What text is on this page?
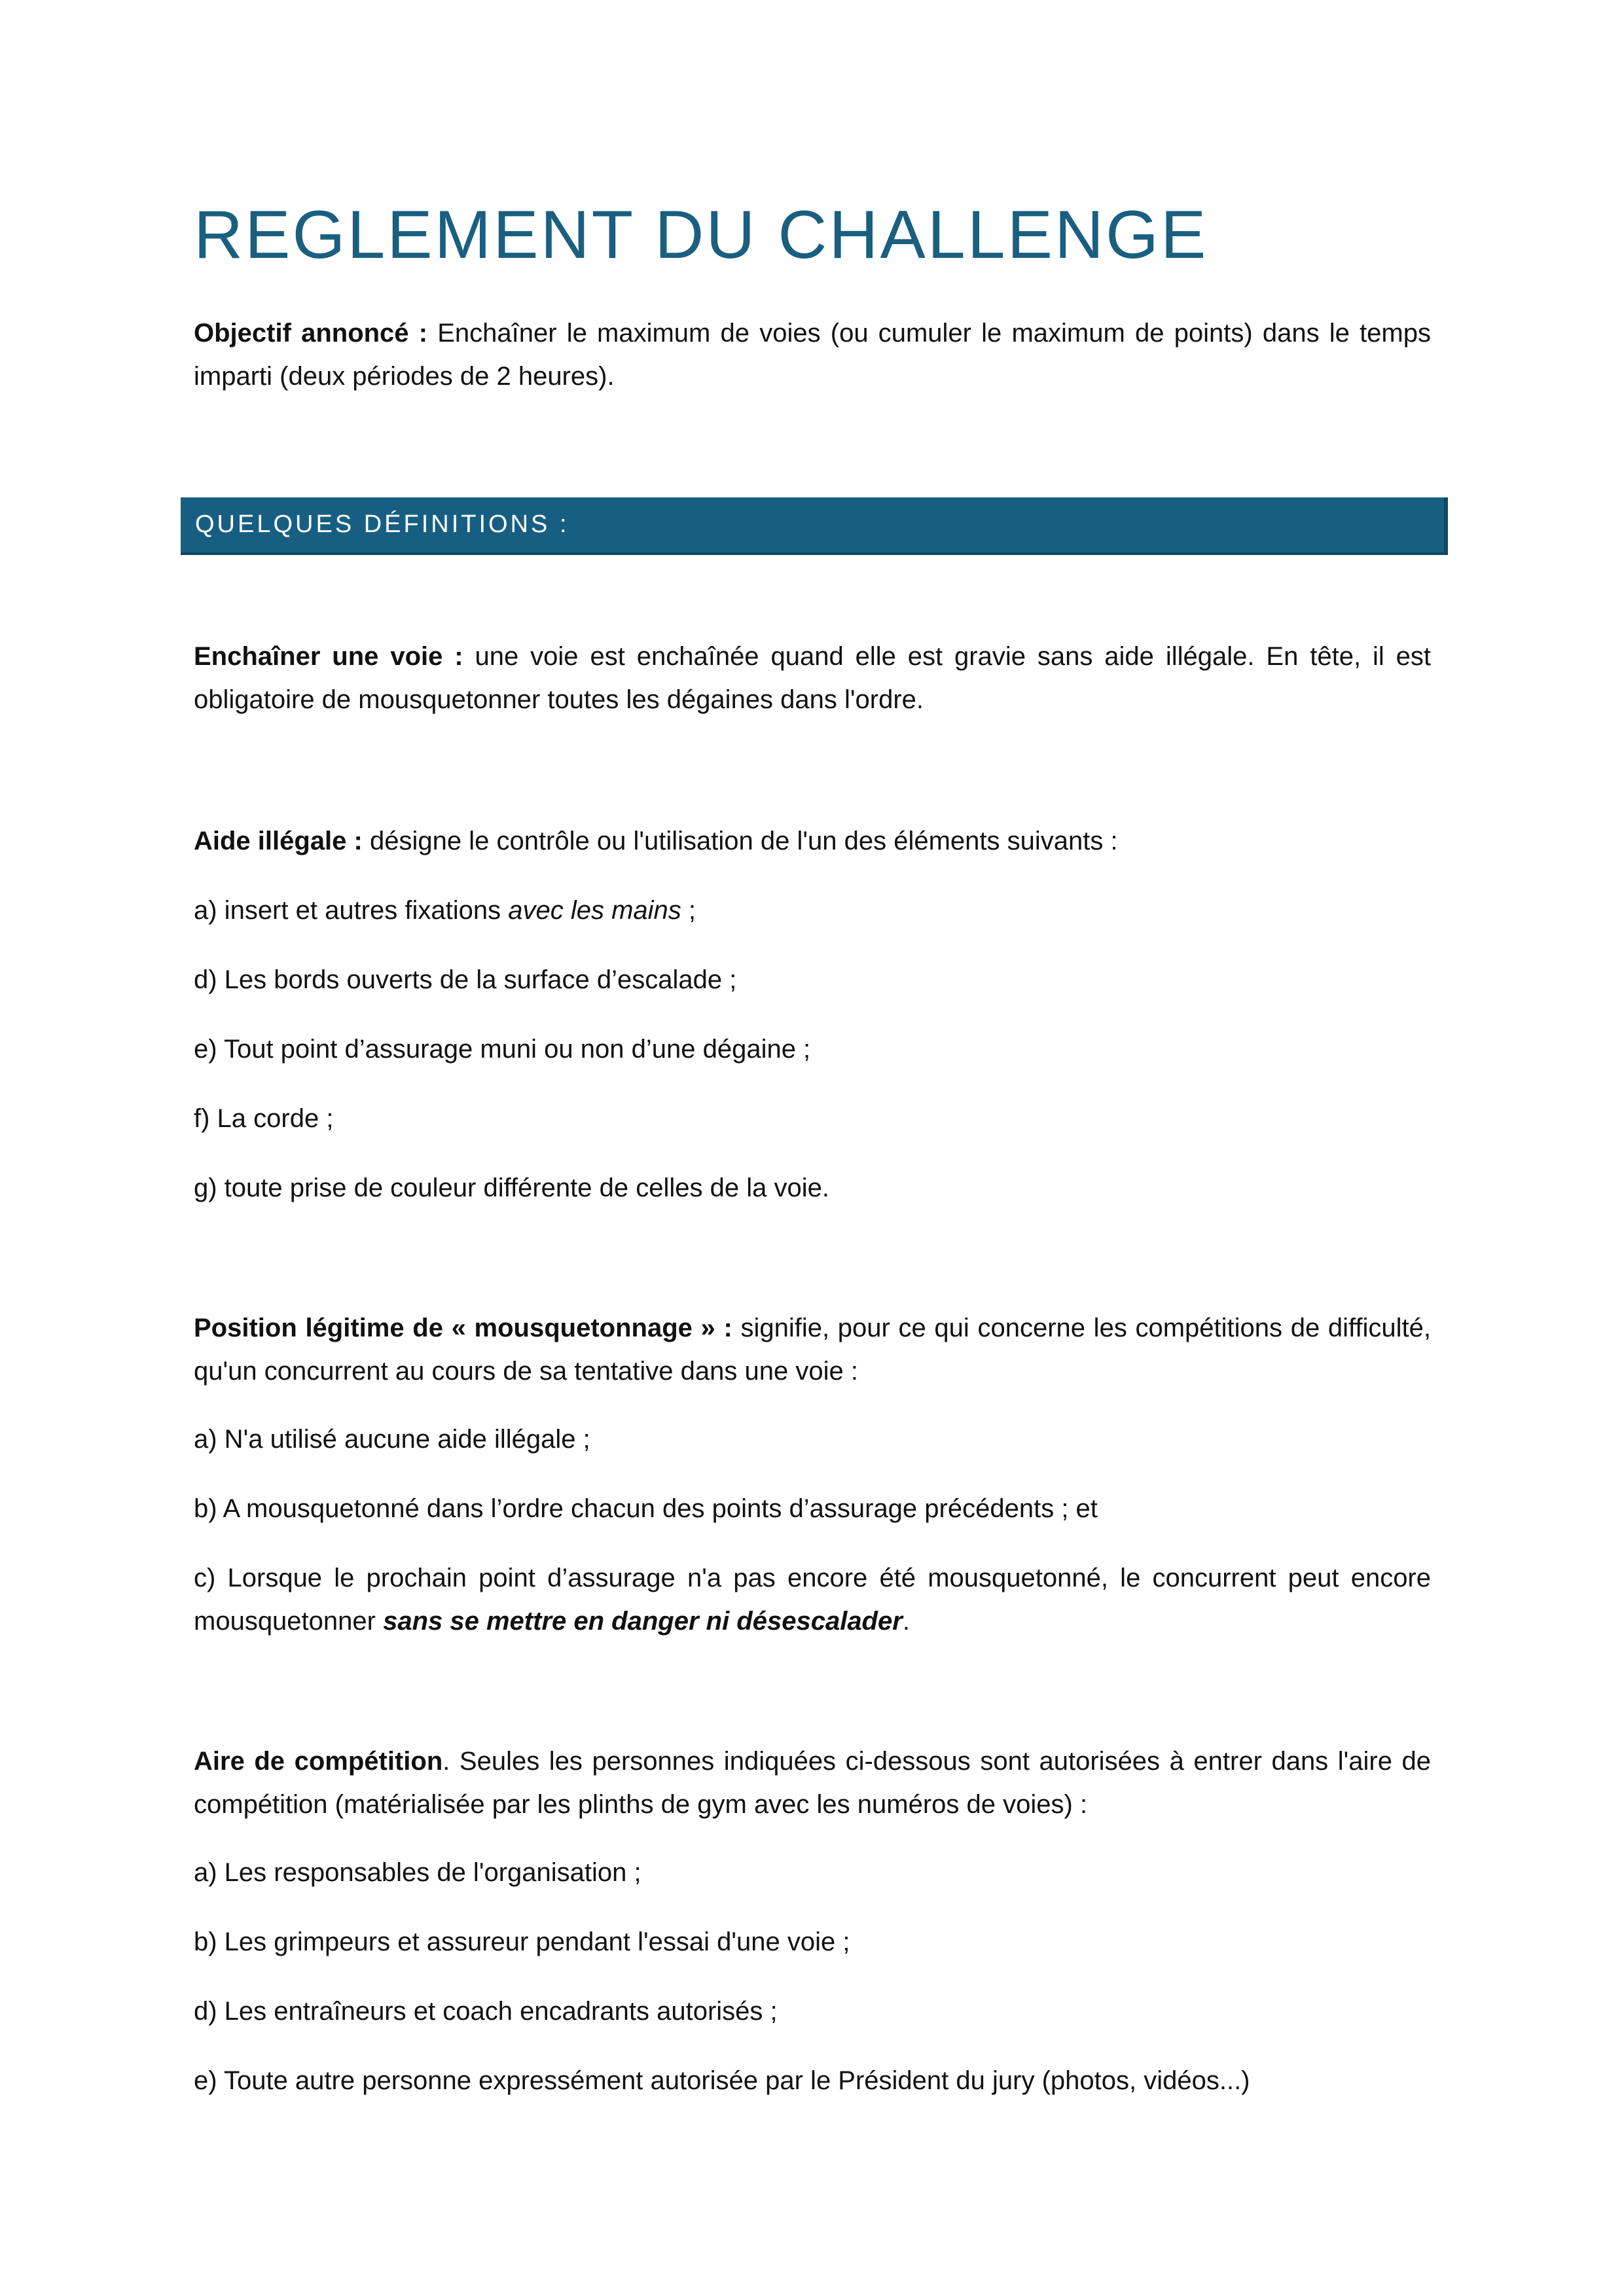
REGLEMENT DU CHALLENGE
Objectif annoncé : Enchaîner le maximum de voies (ou cumuler le maximum de points) dans le temps imparti (deux périodes de 2 heures).
QUELQUES DÉFINITIONS :
Enchaîner une voie : une voie est enchaînée quand elle est gravie sans aide illégale. En tête, il est obligatoire de mousquetonner toutes les dégaines dans l'ordre.
Aide illégale : désigne le contrôle ou l'utilisation de l'un des éléments suivants :
a) insert et autres fixations avec les mains ;
d) Les bords ouverts de la surface d’escalade ;
e) Tout point d’assurage muni ou non d’une dégaine ;
f) La corde ;
g) toute prise de couleur différente de celles de la voie.
Position légitime de « mousquetonnage » : signifie, pour ce qui concerne les compétitions de difficulté, qu'un concurrent au cours de sa tentative dans une voie :
a) N'a utilisé aucune aide illégale ;
b) A mousquetonné dans l’ordre chacun des points d’assurage précédents ; et
c) Lorsque le prochain point d’assurage n'a pas encore été mousquetonné, le concurrent peut encore mousquetonner sans se mettre en danger ni désescalader.
Aire de compétition. Seules les personnes indiquées ci-dessous sont autorisées à entrer dans l'aire de compétition (matérialisée par les plinths de gym avec les numéros de voies) :
a) Les responsables de l'organisation ;
b) Les grimpeurs et assureur pendant l'essai d'une voie ;
d) Les entraîneurs et coach encadrants autorisés ;
e) Toute autre personne expressément autorisée par le Président du jury (photos, vidéos...)
